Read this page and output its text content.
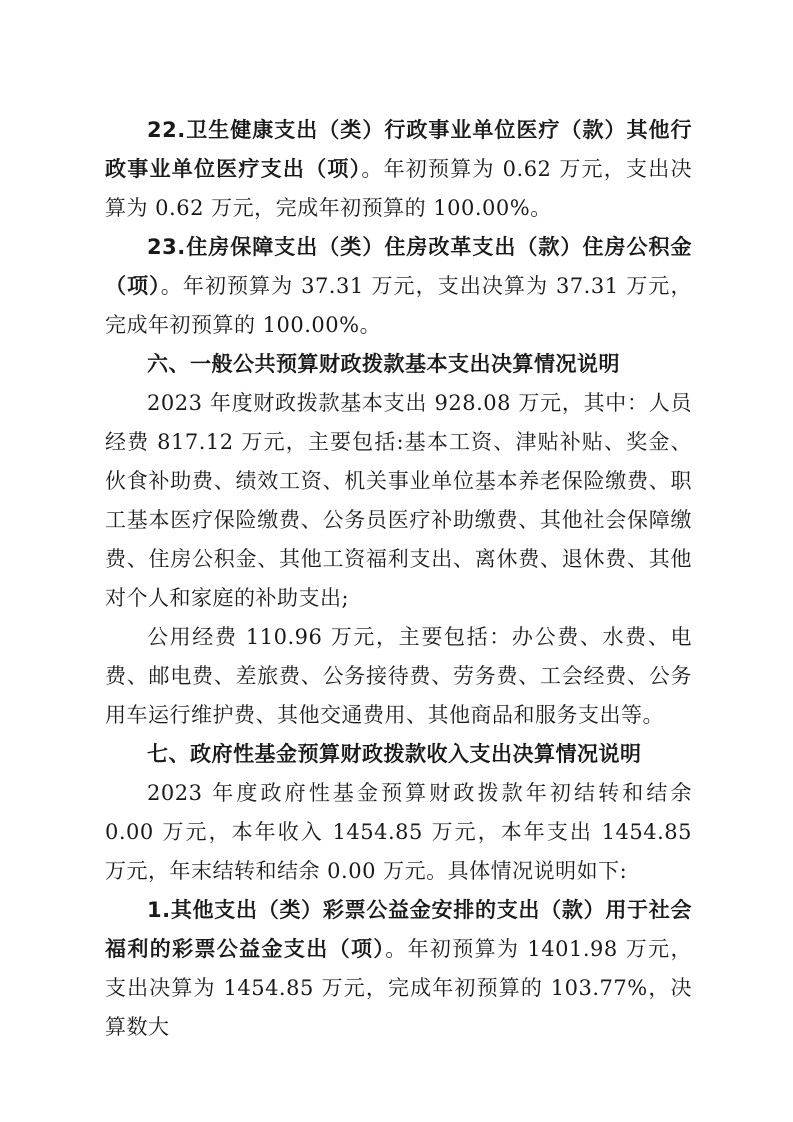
22.卫生健康支出（类）行政事业单位医疗（款）其他行政事业单位医疗支出（项）。年初预算为 0.62 万元，支出决算为 0.62 万元，完成年初预算的 100.00%。

23.住房保障支出（类）住房改革支出（款）住房公积金（项）。年初预算为 37.31 万元，支出决算为 37.31 万元，完成年初预算的 100.00%。

六、一般公共预算财政拨款基本支出决算情况说明

2023 年度财政拨款基本支出 928.08 万元，其中：人员经费 817.12 万元，主要包括:基本工资、津贴补贴、奖金、伙食补助费、绩效工资、机关事业单位基本养老保险缴费、职工基本医疗保险缴费、公务员医疗补助缴费、其他社会保障缴费、住房公积金、其他工资福利支出、离休费、退休费、其他对个人和家庭的补助支出;

公用经费 110.96 万元，主要包括：办公费、水费、电费、邮电费、差旅费、公务接待费、劳务费、工会经费、公务用车运行维护费、其他交通费用、其他商品和服务支出等。

七、政府性基金预算财政拨款收入支出决算情况说明

2023 年度政府性基金预算财政拨款年初结转和结余 0.00 万元，本年收入 1454.85 万元，本年支出 1454.85 万元，年末结转和结余 0.00 万元。具体情况说明如下:

1.其他支出（类）彩票公益金安排的支出（款）用于社会福利的彩票公益金支出（项）。年初预算为 1401.98 万元，支出决算为 1454.85 万元，完成年初预算的 103.77%，决算数大
